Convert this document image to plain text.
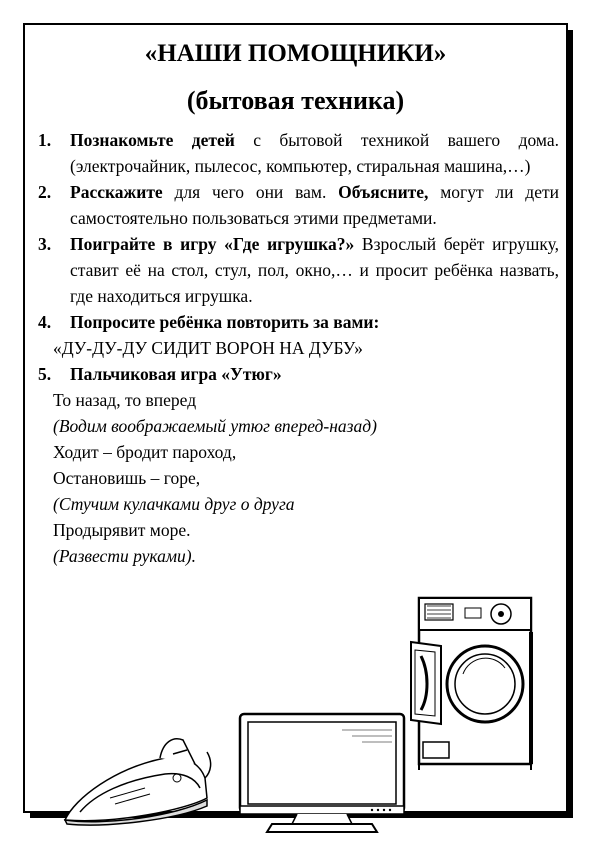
«НАШИ ПОМОЩНИКИ»
(бытовая техника)
1.	Познакомьте детей с бытовой техникой вашего дома. (электрочайник, пылесос, компьютер, стиральная машина,…)
2.	Расскажите для чего они вам. Объясните, могут ли дети самостоятельно пользоваться этими предметами.
3.	Поиграйте в игру «Где игрушка?» Взрослый берёт игрушку, ставит её на стол, стул, пол, окно,… и просит ребёнка назвать, где находиться игрушка.
4.	Попросите ребёнка повторить за вами:
«ДУ-ДУ-ДУ СИДИТ ВОРОН НА ДУБУ»
5.	Пальчиковая игра «Утюг»
То назад, то вперед
(Водим воображаемый утюг вперед-назад)
Ходит – бродит пароход,
Остановишь – горе,
(Стучим кулачками друг о друга
Продырявит море.
(Развести руками).
